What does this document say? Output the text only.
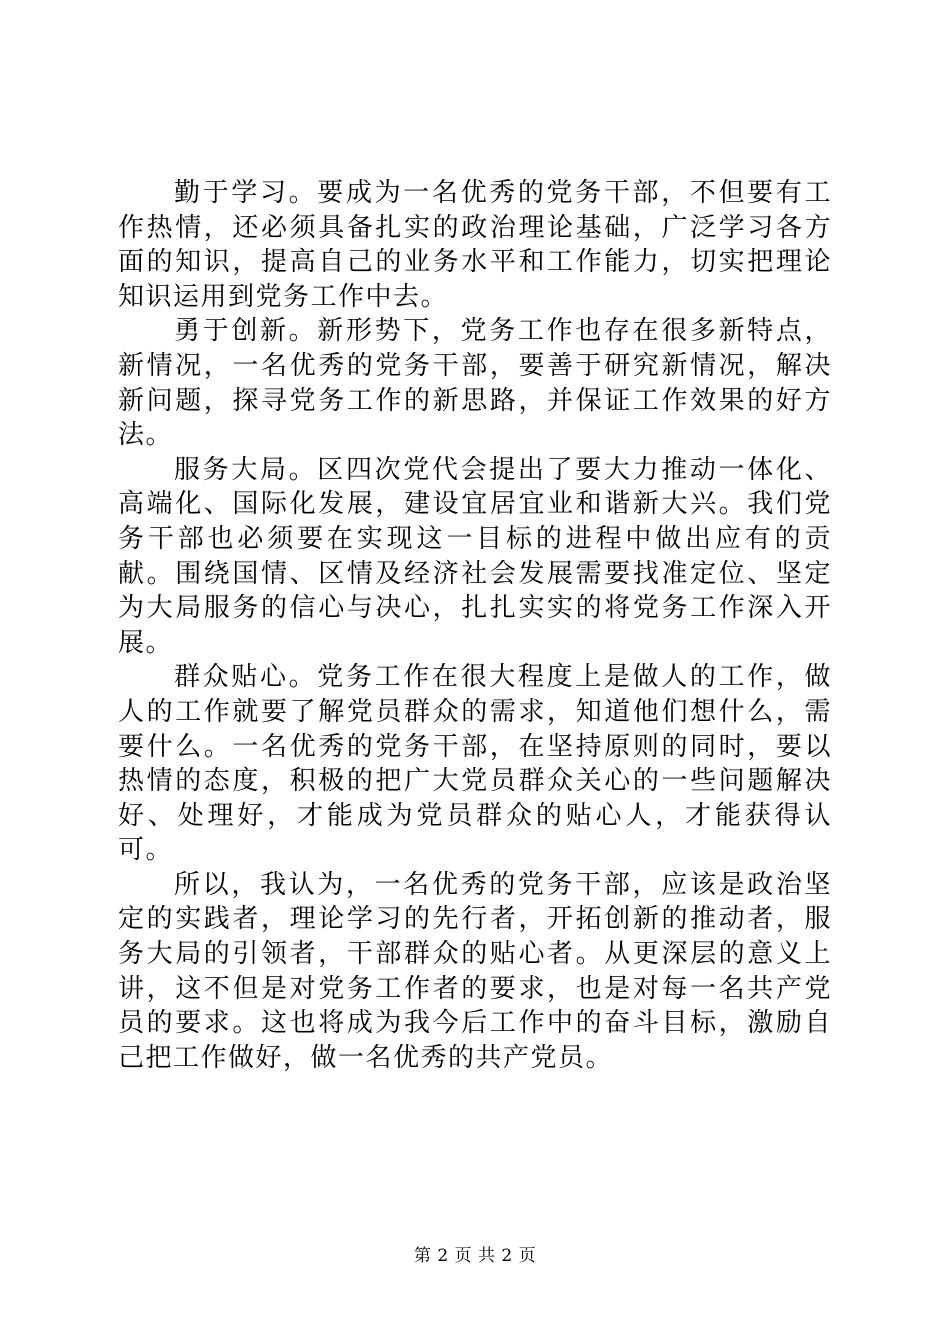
勤于学习。要成为一名优秀的党务干部，不但要有工作热情，还必须具备扎实的政治理论基础，广泛学习各方面的知识，提高自己的业务水平和工作能力，切实把理论知识运用到党务工作中去。

勇于创新。新形势下，党务工作也存在很多新特点，新情况，一名优秀的党务干部，要善于研究新情况，解决新问题，探寻党务工作的新思路，并保证工作效果的好方法。

服务大局。区四次党代会提出了要大力推动一体化、高端化、国际化发展，建设宜居宜业和谐新大兴。我们党务干部也必须要在实现这一目标的进程中做出应有的贡献。围绕国情、区情及经济社会发展需要找准定位、坚定为大局服务的信心与决心，扎扎实实的将党务工作深入开展。

群众贴心。党务工作在很大程度上是做人的工作，做人的工作就要了解党员群众的需求，知道他们想什么，需要什么。一名优秀的党务干部，在坚持原则的同时，要以热情的态度，积极的把广大党员群众关心的一些问题解决好、处理好，才能成为党员群众的贴心人，才能获得认可。

所以，我认为，一名优秀的党务干部，应该是政治坚定的实践者，理论学习的先行者，开拓创新的推动者，服务大局的引领者，干部群众的贴心者。从更深层的意义上讲，这不但是对党务工作者的要求，也是对每一名共产党员的要求。这也将成为我今后工作中的奋斗目标，激励自己把工作做好，做一名优秀的共产党员。

第 2 页 共 2 页
